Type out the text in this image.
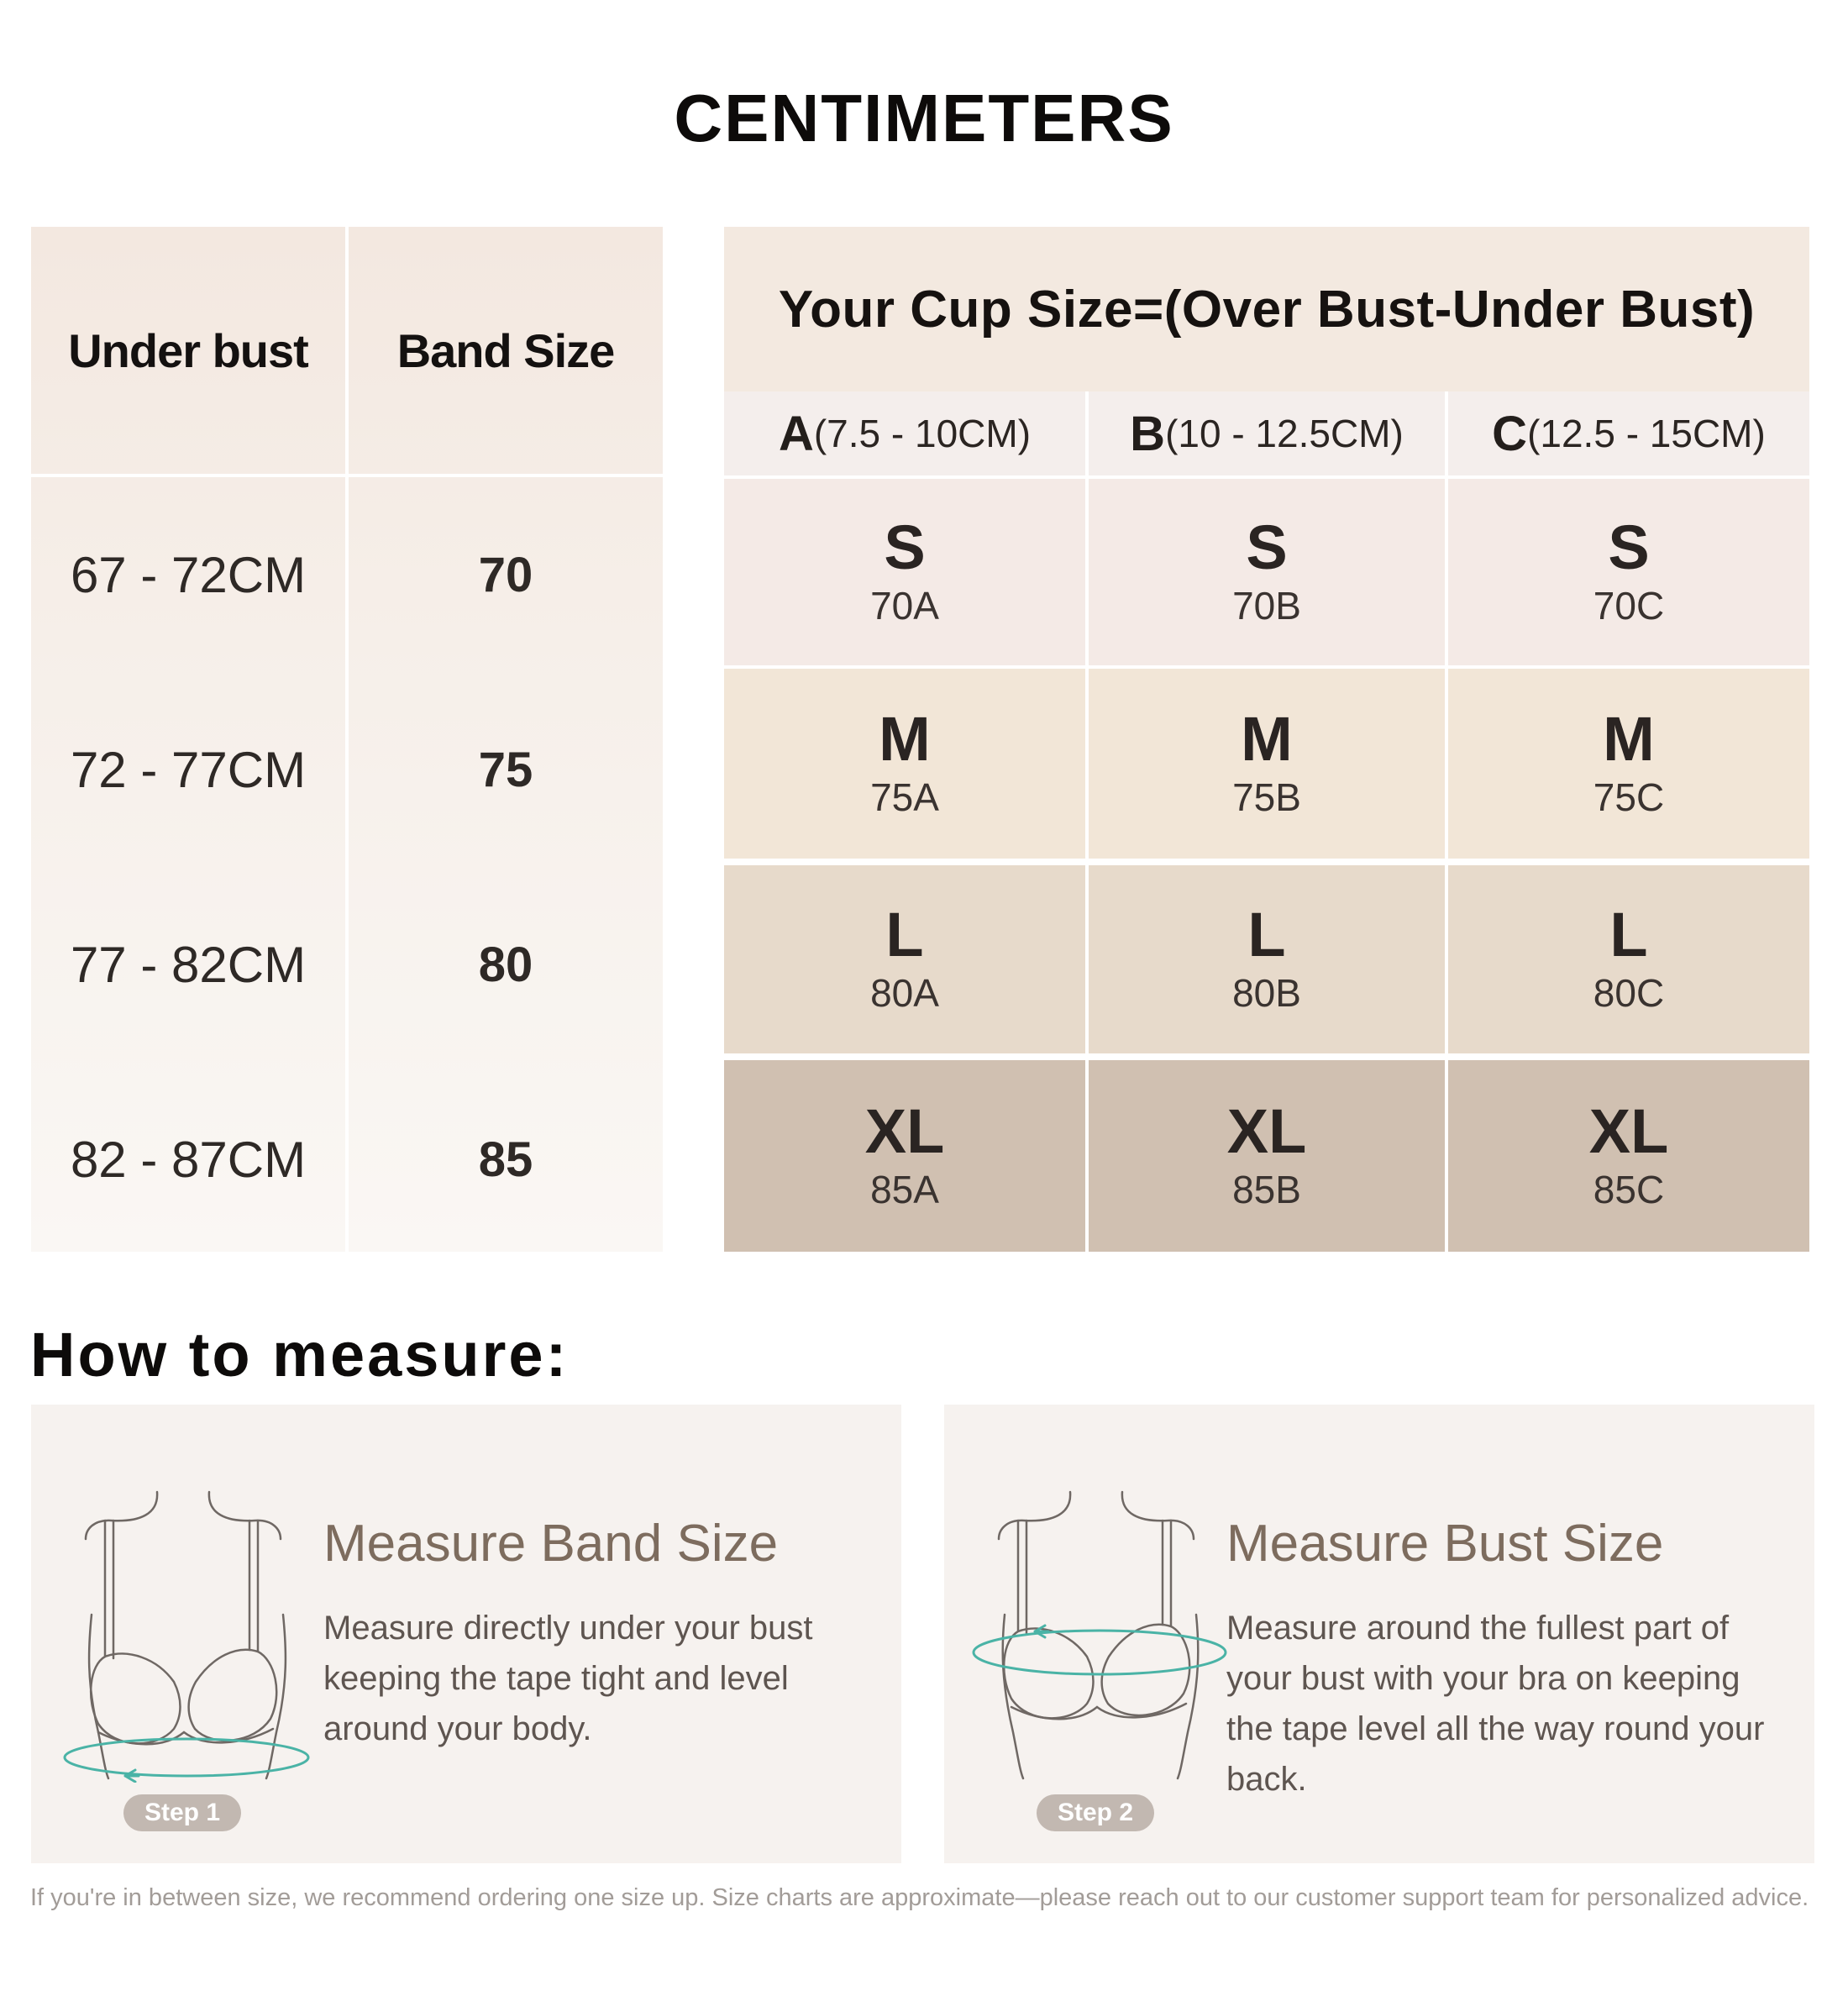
CENTIMETERS
Under bust
67 - 72CM
72 - 77CM
77 - 82CM
82 - 87CM
Band Size
70
75
80
85
Your Cup Size=(Over Bust-Under Bust)
A (7.5 - 10CM) B (10 - 12.5CM) C (12.5 - 15CM)
S
70A
S
70B
S
70C
M
75A
M
75B
M
75C
L
80A
L
80B
L
80C
XL
85A
XL
85B
XL
85C
How to measure:
Step 1
Measure Band Size
Measure directly under your bust
keeping the tape tight and level
around your body.
Step 2
Measure Bust Size
Measure around the fullest part of
your bust with your bra on keeping
the tape level all the way round your
back.
If you're in between size, we recommend ordering one size up. Size charts are approximate—please reach out to our customer support team for personalized advice.
